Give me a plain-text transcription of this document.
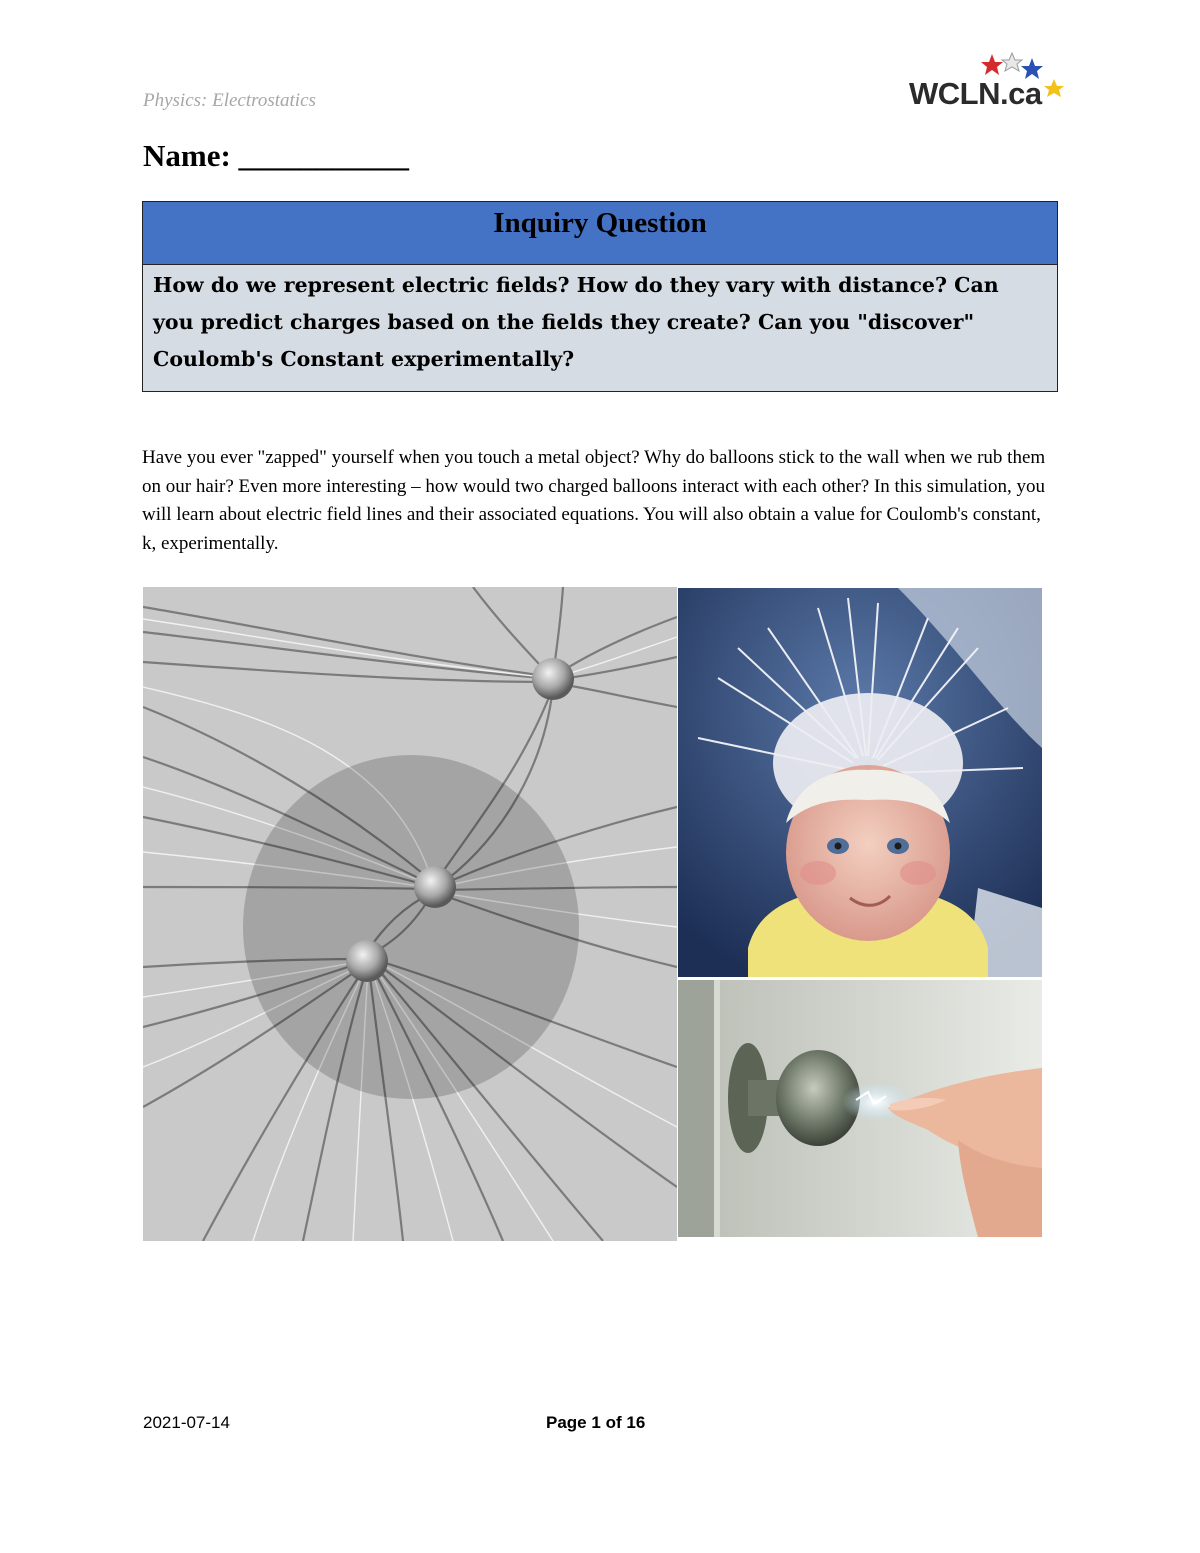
Physics: Electrostatics	WCLN.ca
Name: ___________
Inquiry Question
How do we represent electric fields? How do they vary with distance? Can you predict charges based on the fields they create? Can you "discover" Coulomb's Constant experimentally?
Have you ever "zapped" yourself when you touch a metal object? Why do balloons stick to the wall when we rub them on our hair? Even more interesting – how would two charged balloons interact with each other? In this simulation, you will learn about electric field lines and their associated equations. You will also obtain a value for Coulomb's constant, k, experimentally.
2021-07-14	Page 1 of 16
